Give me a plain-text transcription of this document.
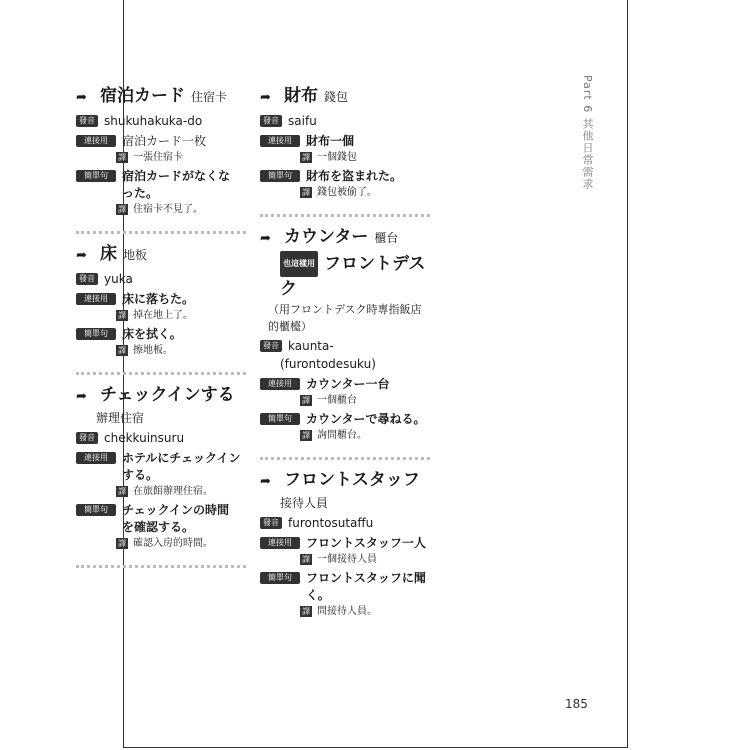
Part 6 其他日常需求
➦ 宿泊カード 住宿卡
發音 shukuhakuka-do
連接用	宿泊カード一枚
譯 一張住宿卡
簡單句	宿泊カードがなくなった。
譯 住宿卡不見了。
➦ 床 地板
發音 yuka
連接用	床に落ちた。
譯 掉在地上了。
簡單句	床を拭く。
譯 擦地板。
➦ チェックインする
辦理住宿
發音 chekkuinsuru
連接用	ホテルにチェックインする。
譯 在旅館辦理住宿。
簡單句	チェックインの時間を確認する。
譯 確認入房的時間。
➦ 財布 錢包
發音 saifu
連接用	財布一個
譯 一個錢包
簡單句	財布を盗まれた。
譯 錢包被偷了。
➦ カウンター 櫃台
也這樣用 フロントデスク
（用フロントデスク時專指飯店的櫃檯）
發音 kaunta-
(furontodesuku)
連接用	カウンター一台
譯 一個櫃台
簡單句	カウンターで尋ねる。
譯 詢問櫃台。
➦ フロントスタッフ
接待人員
發音 furontosutaffu
連接用	フロントスタッフ一人
譯 一個接待人員
簡單句	フロントスタッフに聞く。
譯 問接待人員。
185
